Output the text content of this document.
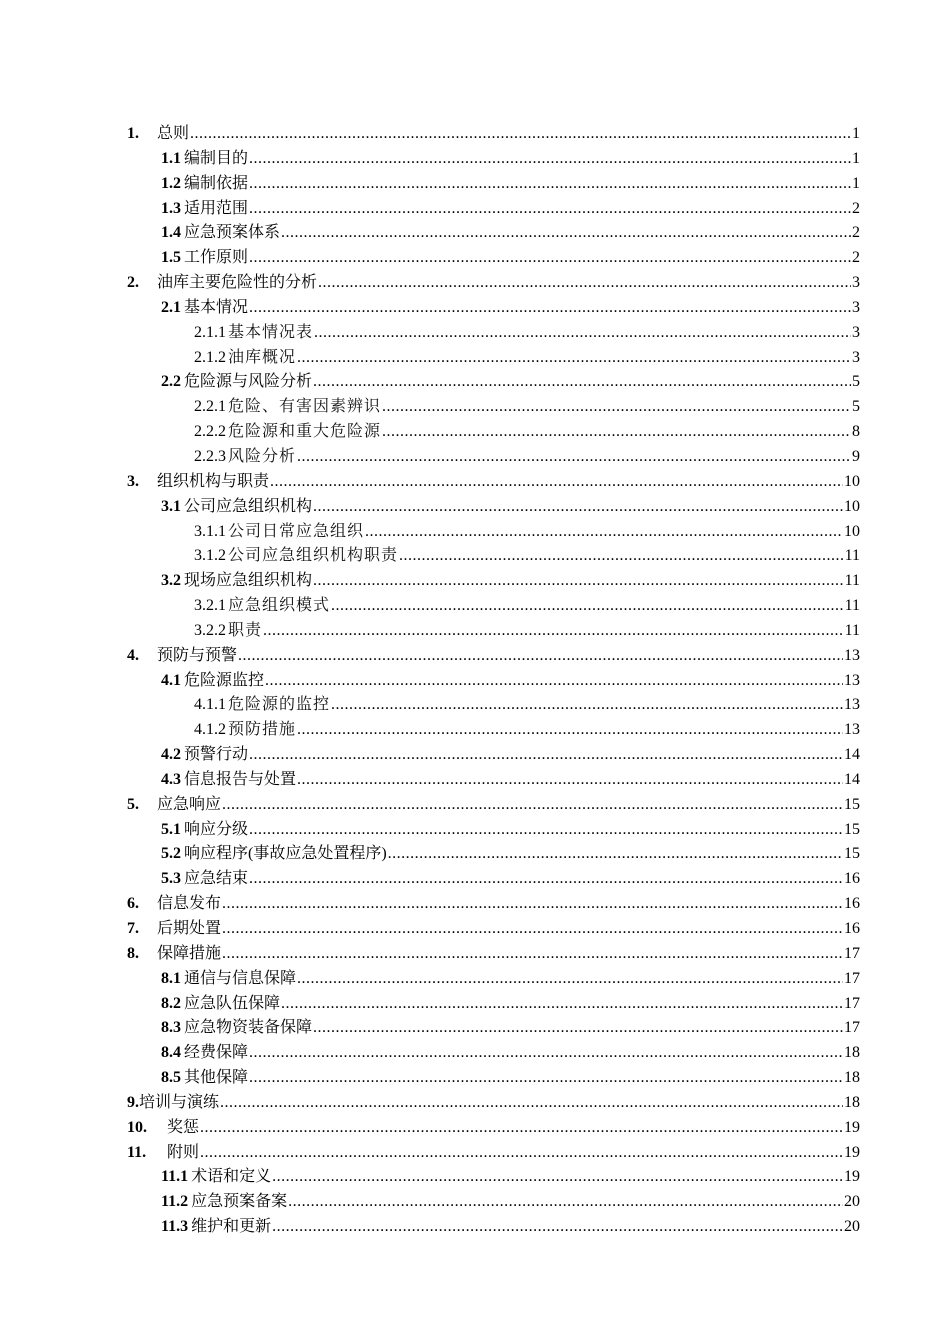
1.	总则 .....	1
1.1 编制目的 .....	1
1.2 编制依据 .....	1
1.3 适用范围 .....	2
1.4 应急预案体系 .....	2
1.5 工作原则 .....	2
2.	油库主要危险性的分析 .....	3
2.1 基本情况 .....	3
2.1.1 基本情况表 .....	3
2.1.2 油库概况 .....	3
2.2 危险源与风险分析 .....	5
2.2.1 危险、有害因素辨识 .....	5
2.2.2 危险源和重大危险源 .....	8
2.2.3 风险分析 .....	9
3.	组织机构与职责 .....	10
3.1 公司应急组织机构 .....	10
3.1.1 公司日常应急组织 .....	10
3.1.2 公司应急组织机构职责 .....	11
3.2 现场应急组织机构 .....	11
3.2.1 应急组织模式 .....	11
3.2.2 职责 .....	11
4.	预防与预警 .....	13
4.1 危险源监控 .....	13
4.1.1 危险源的监控 .....	13
4.1.2 预防措施 .....	13
4.2 预警行动 .....	14
4.3 信息报告与处置 .....	14
5.	应急响应 .....	15
5.1 响应分级 .....	15
5.2 响应程序(事故应急处置程序) .....	15
5.3 应急结束 .....	16
6.	信息发布 .....	16
7.	后期处置 .....	16
8.	保障措施 .....	17
8.1 通信与信息保障 .....	17
8.2 应急队伍保障 .....	17
8.3 应急物资装备保障 .....	17
8.4 经费保障 .....	18
8.5 其他保障 .....	18
9. 培训与演练 .....	18
10.	奖惩 .....	19
11.	附则 .....	19
11.1 术语和定义 .....	19
11.2 应急预案备案 .....	20
11.3 维护和更新 .....	20
